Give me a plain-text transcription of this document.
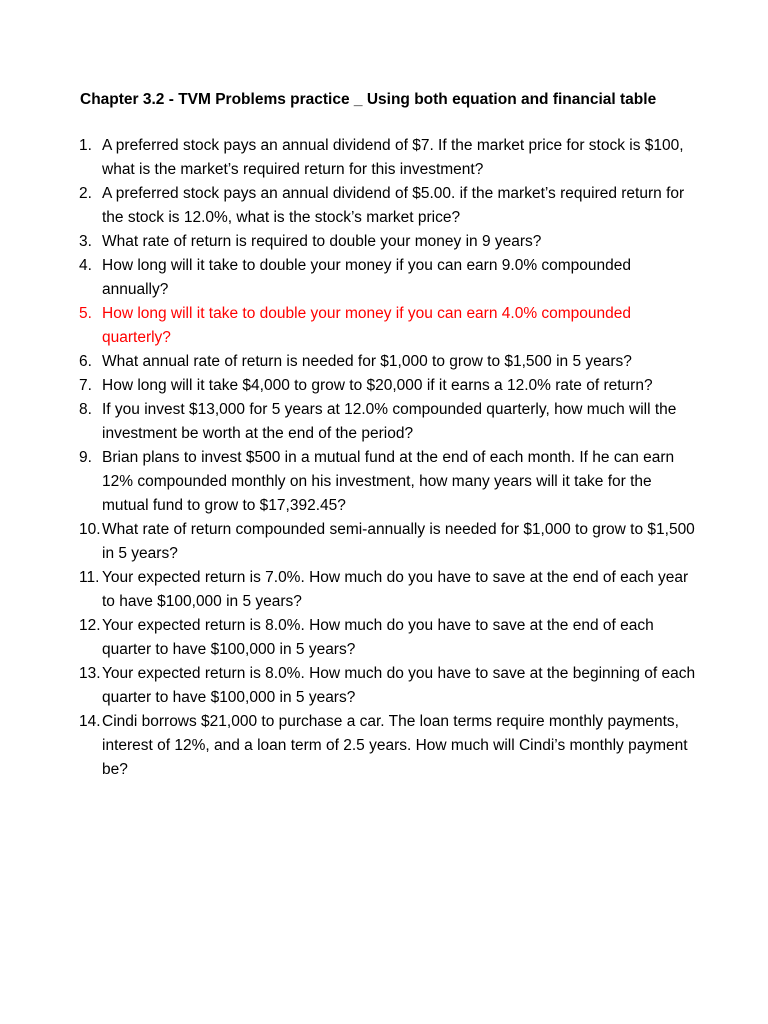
Chapter 3.2 - TVM Problems practice _ Using both equation and financial table
1. A preferred stock pays an annual dividend of $7. If the market price for stock is $100, what is the market’s required return for this investment?
2. A preferred stock pays an annual dividend of $5.00. if the market’s required return for the stock is 12.0%, what is the stock’s market price?
3. What rate of return is required to double your money in 9 years?
4. How long will it take to double your money if you can earn 9.0% compounded annually?
5. How long will it take to double your money if you can earn 4.0% compounded quarterly?
6. What annual rate of return is needed for $1,000 to grow to $1,500 in 5 years?
7. How long will it take $4,000 to grow to $20,000 if it earns a 12.0% rate of return?
8. If you invest $13,000 for 5 years at 12.0% compounded quarterly, how much will the investment be worth at the end of the period?
9. Brian plans to invest $500 in a mutual fund at the end of each month. If he can earn 12% compounded monthly on his investment, how many years will it take for the mutual fund to grow to $17,392.45?
10. What rate of return compounded semi-annually is needed for $1,000 to grow to $1,500 in 5 years?
11. Your expected return is 7.0%. How much do you have to save at the end of each year to have $100,000 in 5 years?
12. Your expected return is 8.0%. How much do you have to save at the end of each quarter to have $100,000 in 5 years?
13. Your expected return is 8.0%. How much do you have to save at the beginning of each quarter to have $100,000 in 5 years?
14. Cindi borrows $21,000 to purchase a car. The loan terms require monthly payments, interest of 12%, and a loan term of 2.5 years. How much will Cindi’s monthly payment be?
